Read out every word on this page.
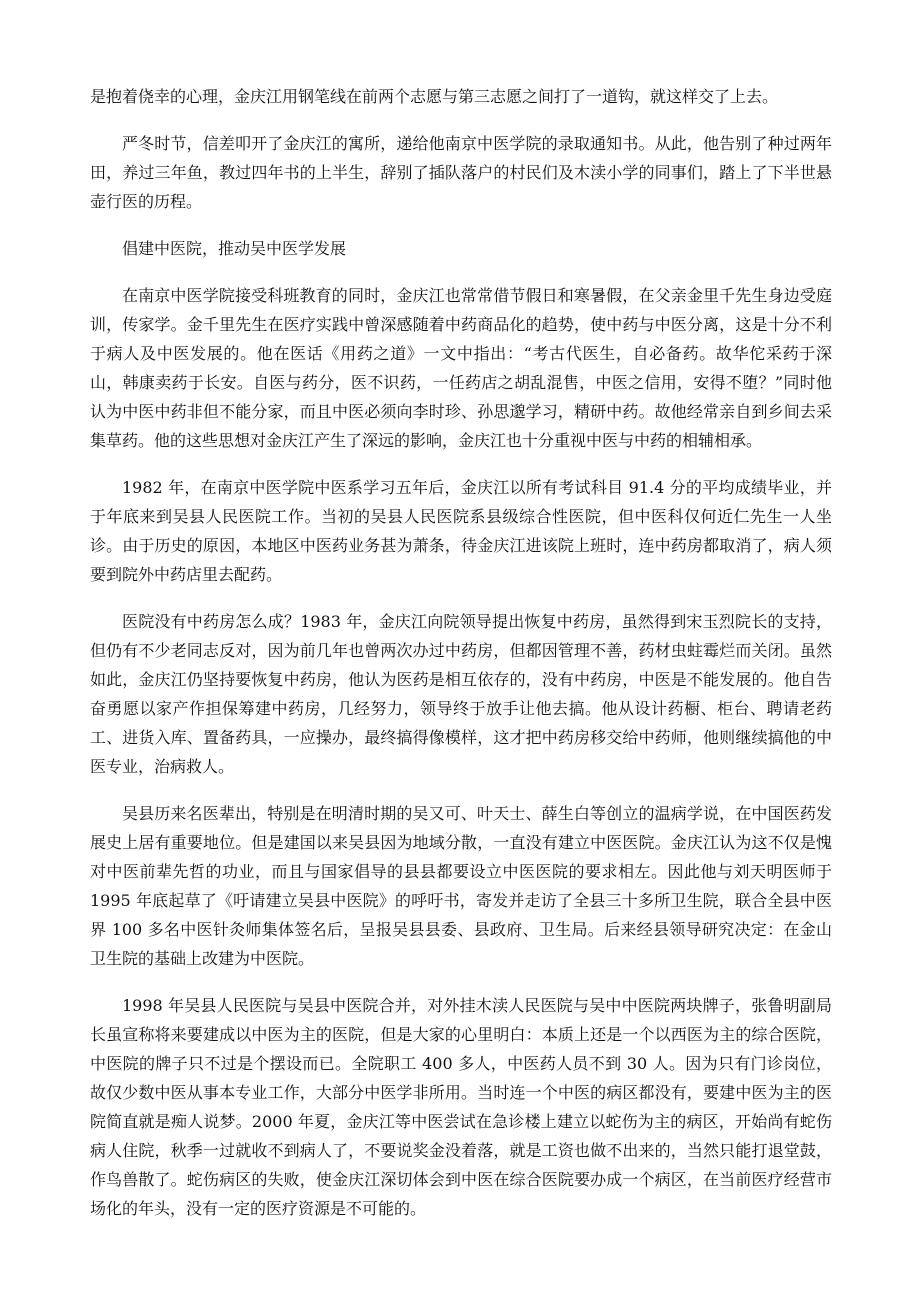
是抱着侥幸的心理，金庆江用钢笔线在前两个志愿与第三志愿之间打了一道钩，就这样交了上去。

严冬时节，信差叩开了金庆江的寓所，递给他南京中医学院的录取通知书。从此，他告别了种过两年田，养过三年鱼，教过四年书的上半生，辞别了插队落户的村民们及木渎小学的同事们，踏上了下半世悬壶行医的历程。

倡建中医院，推动吴中医学发展

在南京中医学院接受科班教育的同时，金庆江也常常借节假日和寒暑假，在父亲金里千先生身边受庭训，传家学。金千里先生在医疗实践中曾深感随着中药商品化的趋势，使中药与中医分离，这是十分不利于病人及中医发展的。他在医话《用药之道》一文中指出：“考古代医生，自必备药。故华佗采药于深山，韩康卖药于长安。自医与药分，医不识药，一任药店之胡乱混售，中医之信用，安得不堕？”同时他认为中医中药非但不能分家，而且中医必须向李时珍、孙思邈学习，精研中药。故他经常亲自到乡间去采集草药。他的这些思想对金庆江产生了深远的影响，金庆江也十分重视中医与中药的相辅相承。

1982 年，在南京中医学院中医系学习五年后，金庆江以所有考试科目 91.4 分的平均成绩毕业，并于年底来到吴县人民医院工作。当初的吴县人民医院系县级综合性医院，但中医科仅何近仁先生一人坐诊。由于历史的原因，本地区中医药业务甚为萧条，待金庆江进该院上班时，连中药房都取消了，病人须要到院外中药店里去配药。

医院没有中药房怎么成？1983 年，金庆江向院领导提出恢复中药房，虽然得到宋玉烈院长的支持，但仍有不少老同志反对，因为前几年也曾两次办过中药房，但都因管理不善，药材虫蛀霉烂而关闭。虽然如此，金庆江仍坚持要恢复中药房，他认为医药是相互依存的，没有中药房，中医是不能发展的。他自告奋勇愿以家产作担保筹建中药房，几经努力，领导终于放手让他去搞。他从设计药橱、柜台、聘请老药工、进货入库、置备药具，一应操办，最终搞得像模样，这才把中药房移交给中药师，他则继续搞他的中医专业，治病救人。

吴县历来名医辈出，特别是在明清时期的吴又可、叶天士、薛生白等创立的温病学说，在中国医药发展史上居有重要地位。但是建国以来吴县因为地域分散，一直没有建立中医医院。金庆江认为这不仅是愧对中医前辈先哲的功业，而且与国家倡导的县县都要设立中医医院的要求相左。因此他与刘天明医师于 1995 年底起草了《吁请建立吴县中医院》的呼吁书，寄发并走访了全县三十多所卫生院，联合全县中医界 100 多名中医针灸师集体签名后，呈报吴县县委、县政府、卫生局。后来经县领导研究决定：在金山卫生院的基础上改建为中医院。

1998 年吴县人民医院与吴县中医院合并，对外挂木渎人民医院与吴中中医院两块牌子，张鲁明副局长虽宣称将来要建成以中医为主的医院，但是大家的心里明白：本质上还是一个以西医为主的综合医院，中医院的牌子只不过是个摆设而已。全院职工 400 多人，中医药人员不到 30 人。因为只有门诊岗位，故仅少数中医从事本专业工作，大部分中医学非所用。当时连一个中医的病区都没有，要建中医为主的医院简直就是痴人说梦。2000 年夏，金庆江等中医尝试在急诊楼上建立以蛇伤为主的病区，开始尚有蛇伤病人住院，秋季一过就收不到病人了，不要说奖金没着落，就是工资也做不出来的，当然只能打退堂鼓，作鸟兽散了。蛇伤病区的失败，使金庆江深切体会到中医在综合医院要办成一个病区，在当前医疗经营市场化的年头，没有一定的医疗资源是不可能的。
